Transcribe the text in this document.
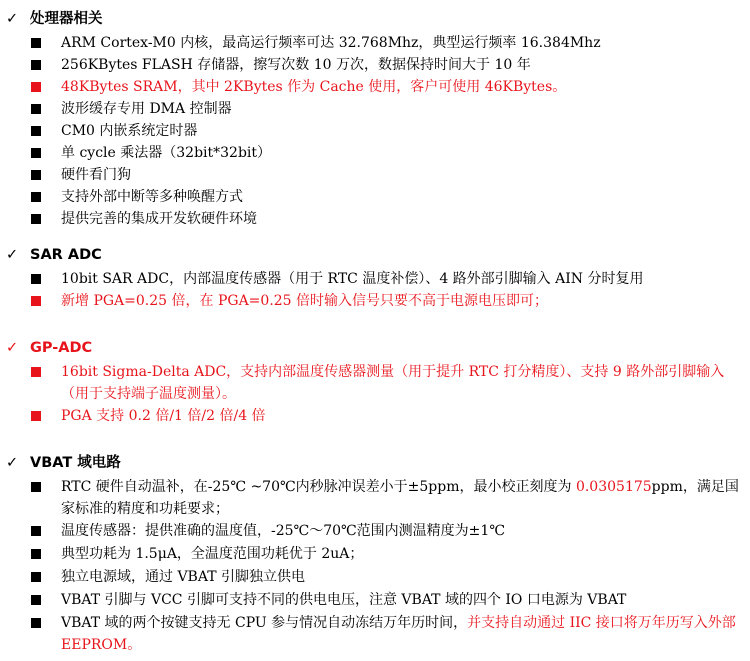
✓ 处理器相关
ARM Cortex-M0 内核，最高运行频率可达 32.768Mhz，典型运行频率 16.384Mhz
256KBytes FLASH 存储器，擦写次数 10 万次，数据保持时间大于 10 年
48KBytes SRAM，其中 2KBytes 作为 Cache 使用，客户可使用 46KBytes。
波形缓存专用 DMA 控制器
CM0 内嵌系统定时器
单 cycle 乘法器（32bit*32bit）
硬件看门狗
支持外部中断等多种唤醒方式
提供完善的集成开发软硬件环境
✓ SAR ADC
10bit SAR ADC，内部温度传感器（用于 RTC 温度补偿）、4 路外部引脚输入 AIN 分时复用
新增 PGA=0.25 倍，在 PGA=0.25 倍时输入信号只要不高于电源电压即可；
✓ GP-ADC
16bit Sigma-Delta ADC，支持内部温度传感器测量（用于提升 RTC 打分精度）、支持 9 路外部引脚输入（用于支持端子温度测量）。
PGA 支持 0.2 倍/1 倍/2 倍/4 倍
✓ VBAT 域电路
RTC 硬件自动温补，在-25℃ ~70℃内秒脉冲误差小于±5ppm，最小校正刻度为 0.0305175ppm，满足国家标准的精度和功耗要求；
温度传感器：提供准确的温度值，-25℃～70℃范围内测温精度为±1℃
典型功耗为 1.5μA，全温度范围功耗优于 2uA；
独立电源域，通过 VBAT 引脚独立供电
VBAT 引脚与 VCC 引脚可支持不同的供电电压，注意 VBAT 域的四个 IO 口电源为 VBAT
VBAT 域的两个按键支持无 CPU 参与情况自动冻结万年历时间，并支持自动通过 IIC 接口将万年历写入外部 EEPROM。
